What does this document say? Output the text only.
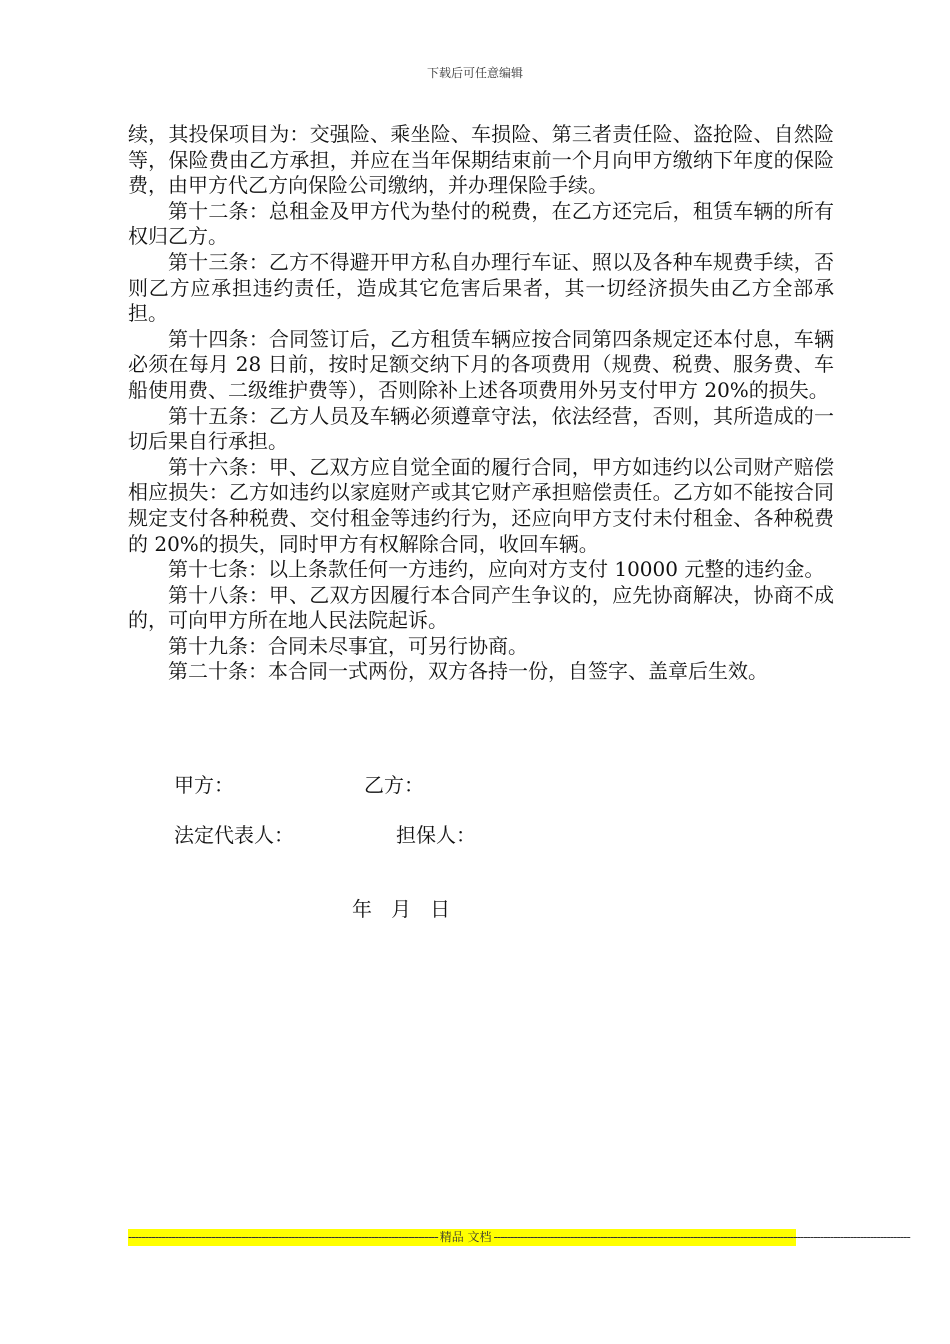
下载后可任意编辑

续，其投保项目为：交强险、乘坐险、车损险、第三者责任险、盗抢险、自然险等，保险费由乙方承担，并应在当年保期结束前一个月向甲方缴纳下年度的保险费，由甲方代乙方向保险公司缴纳，并办理保险手续。

第十二条：总租金及甲方代为垫付的税费，在乙方还完后，租赁车辆的所有权归乙方。

第十三条：乙方不得避开甲方私自办理行车证、照以及各种车规费手续，否则乙方应承担违约责任，造成其它危害后果者，其一切经济损失由乙方全部承担。

第十四条：合同签订后，乙方租赁车辆应按合同第四条规定还本付息，车辆必须在每月 28 日前，按时足额交纳下月的各项费用（规费、税费、服务费、车船使用费、二级维护费等），否则除补上述各项费用外另支付甲方 20%的损失。

第十五条：乙方人员及车辆必须遵章守法，依法经营，否则，其所造成的一切后果自行承担。

第十六条：甲、乙双方应自觉全面的履行合同，甲方如违约以公司财产赔偿相应损失：乙方如违约以家庭财产或其它财产承担赔偿责任。乙方如不能按合同规定支付各种税费、交付租金等违约行为，还应向甲方支付未付租金、各种税费的 20%的损失，同时甲方有权解除合同，收回车辆。

第十七条：以上条款任何一方违约，应向对方支付 10000 元整的违约金。

第十八条：甲、乙双方因履行本合同产生争议的，应先协商解决，协商不成的，可向甲方所在地人民法院起诉。

第十九条：合同未尽事宜，可另行协商。

第二十条：本合同一式两份，双方各持一份，自签字、盖章后生效。

甲方：	乙方：
法定代表人：	担保人：
年   月   日
--------------------------------------------------------------------------------------------- 精品 文档 -----------------------------------------------------------------------------------------------------------------------------
